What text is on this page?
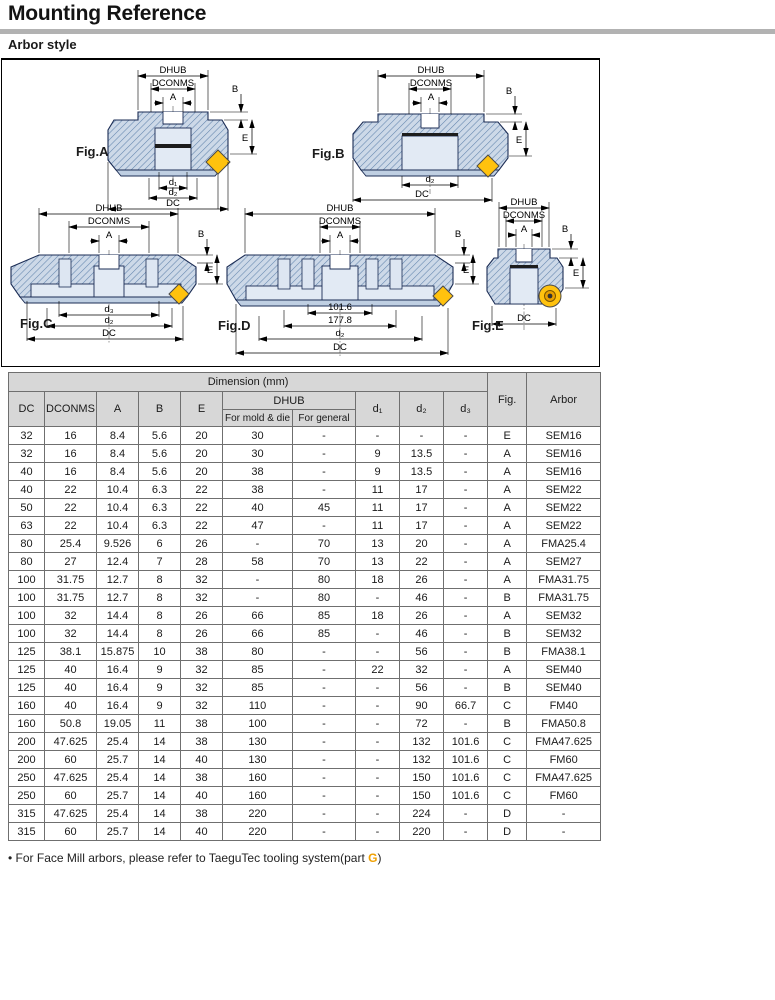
Mounting Reference
Arbor style
DHUB
DCONMS
A
B
E
d₁
d₂
DC
Fig.A
DHUB
DCONMS
A
B
E
d₂
DC
Fig.B
DHUB
DCONMS
A	B
E
d₃
d₂
DC
Fig.C
DHUB
DCONMS
A	B
E
101.6
177.8
d₂
DC
Fig.D
DHUB
DCONMS
A	B
E
DC
Fig.E
Dimension (mm)										Fig.	Arbor
DC	DCONMS	A	B	E	DHUB		d₁	d₂	d₃		
					For mold & die	For general					
32	16	8.4	5.6	20	30	-	-	-	-	E	SEM16
32	16	8.4	5.6	20	30	-	9	13.5	-	A	SEM16
40	16	8.4	5.6	20	38	-	9	13.5	-	A	SEM16
40	22	10.4	6.3	22	38	-	11	17	-	A	SEM22
50	22	10.4	6.3	22	40	45	11	17	-	A	SEM22
63	22	10.4	6.3	22	47	-	11	17	-	A	SEM22
80	25.4	9.526	6	26	-	70	13	20	-	A	FMA25.4
80	27	12.4	7	28	58	70	13	22	-	A	SEM27
100	31.75	12.7	8	32	-	80	18	26	-	A	FMA31.75
100	31.75	12.7	8	32	-	80	-	46	-	B	FMA31.75
100	32	14.4	8	26	66	85	18	26	-	A	SEM32
100	32	14.4	8	26	66	85	-	46	-	B	SEM32
125	38.1	15.875	10	38	80	-	-	56	-	B	FMA38.1
125	40	16.4	9	32	85	-	22	32	-	A	SEM40
125	40	16.4	9	32	85	-	-	56	-	B	SEM40
160	40	16.4	9	32	110	-	-	90	66.7	C	FM40
160	50.8	19.05	11	38	100	-	-	72	-	B	FMA50.8
200	47.625	25.4	14	38	130	-	-	132	101.6	C	FMA47.625
200	60	25.7	14	40	130	-	-	132	101.6	C	FM60
250	47.625	25.4	14	38	160	-	-	150	101.6	C	FMA47.625
250	60	25.7	14	40	160	-	-	150	101.6	C	FM60
315	47.625	25.4	14	38	220	-	-	224	-	D	-
315	60	25.7	14	40	220	-	-	220	-	D	-
• For Face Mill arbors, please refer to TaeguTec tooling system(part G)
